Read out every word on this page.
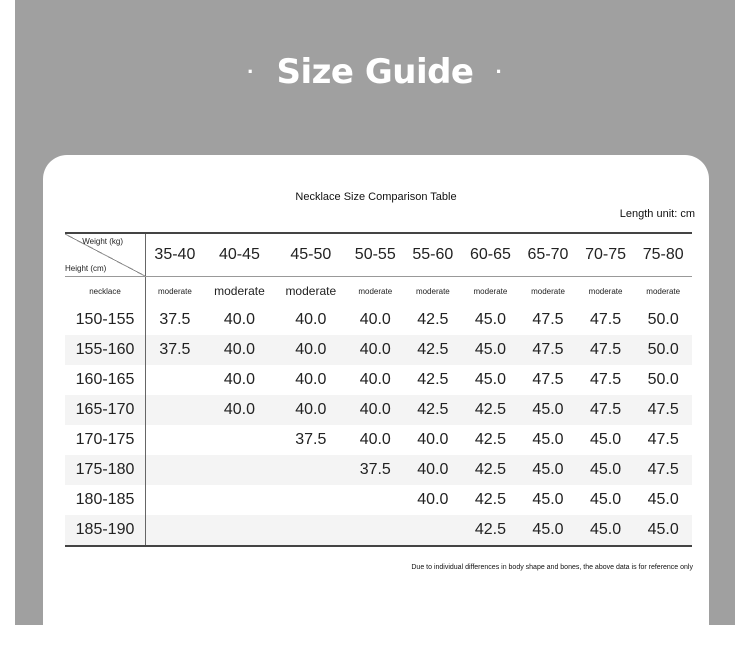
· Size Guide ·
Necklace Size Comparison Table
Length unit: cm
Weight (kg)
Height (cm)	35-40	40-45	45-50	50-55	55-60	60-65	65-70	70-75	75-80
necklace	moderate	moderate	moderate	moderate	moderate	moderate	moderate	moderate	moderate
150-155	37.5	40.0	40.0	40.0	42.5	45.0	47.5	47.5	50.0
155-160	37.5	40.0	40.0	40.0	42.5	45.0	47.5	47.5	50.0
160-165		40.0	40.0	40.0	42.5	45.0	47.5	47.5	50.0
165-170		40.0	40.0	40.0	42.5	42.5	45.0	47.5	47.5
170-175			37.5	40.0	40.0	42.5	45.0	45.0	47.5
175-180				37.5	40.0	42.5	45.0	45.0	47.5
180-185					40.0	42.5	45.0	45.0	45.0
185-190						42.5	45.0	45.0	45.0
Due to individual differences in body shape and bones, the above data is for reference only
